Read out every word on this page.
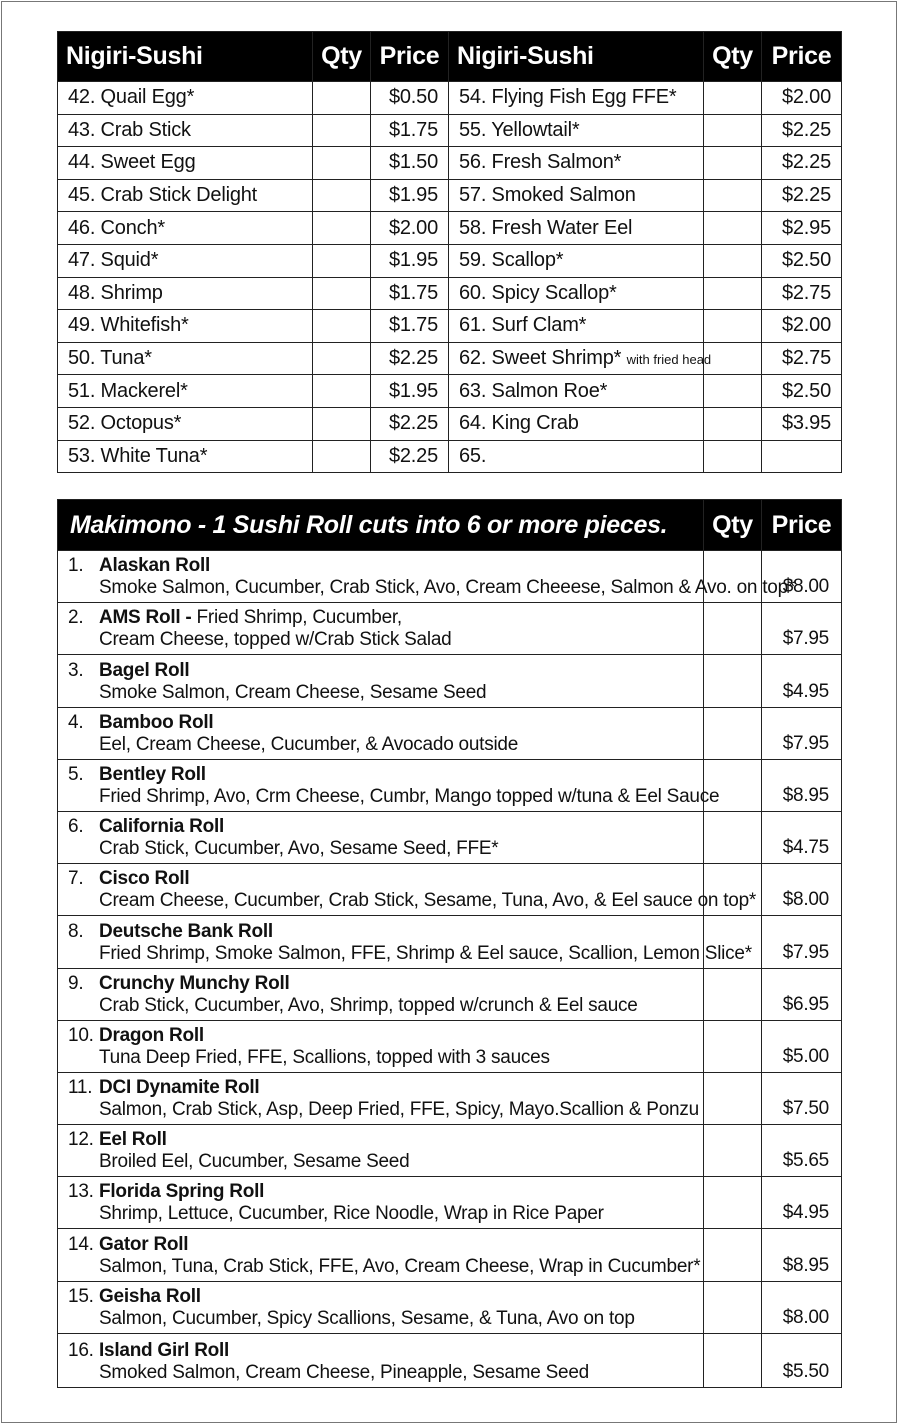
Nigiri-Sushi	Qty	Price	Nigiri-Sushi	Qty	Price
42. Quail Egg*		$0.50	54. Flying Fish Egg FFE*		$2.00
43. Crab Stick		$1.75	55. Yellowtail*		$2.25
44. Sweet Egg		$1.50	56. Fresh Salmon*		$2.25
45. Crab Stick Delight		$1.95	57. Smoked Salmon		$2.25
46. Conch*		$2.00	58. Fresh Water Eel		$2.95
47. Squid*		$1.95	59. Scallop*		$2.50
48. Shrimp		$1.75	60. Spicy Scallop*		$2.75
49. Whitefish*		$1.75	61. Surf Clam*		$2.00
50. Tuna*		$2.25	62. Sweet Shrimp* with fried head		$2.75
51. Mackerel*		$1.95	63. Salmon Roe*		$2.50
52. Octopus*		$2.25	64. King Crab		$3.95
53. White Tuna*		$2.25	65.		
Makimono - 1 Sushi Roll cuts into 6 or more pieces.	Qty	Price

1. Alaskan Roll
Smoke Salmon, Cucumber, Crab Stick, Avo, Cream Cheeese, Salmon & Avo. on top*		$8.00

2. AMS Roll - Fried Shrimp, Cucumber,
Cream Cheese, topped w/Crab Stick Salad		$7.95

3. Bagel Roll
Smoke Salmon, Cream Cheese, Sesame Seed		$4.95

4. Bamboo Roll
Eel, Cream Cheese, Cucumber, & Avocado outside		$7.95

5. Bentley Roll
Fried Shrimp, Avo, Crm Cheese, Cumbr, Mango topped w/tuna & Eel Sauce		$8.95

6. California Roll
Crab Stick, Cucumber, Avo, Sesame Seed, FFE*		$4.75

7. Cisco Roll
Cream Cheese, Cucumber, Crab Stick, Sesame, Tuna, Avo, & Eel sauce on top*		$8.00

8. Deutsche Bank Roll
Fried Shrimp, Smoke Salmon, FFE, Shrimp & Eel sauce, Scallion, Lemon Slice*		$7.95

9. Crunchy Munchy Roll
Crab Stick, Cucumber, Avo, Shrimp, topped w/crunch & Eel sauce		$6.95

10. Dragon Roll
Tuna Deep Fried, FFE, Scallions, topped with 3 sauces		$5.00

11. DCI Dynamite Roll
Salmon, Crab Stick, Asp, Deep Fried, FFE, Spicy, Mayo.Scallion & Ponzu		$7.50

12. Eel Roll
Broiled Eel, Cucumber, Sesame Seed		$5.65

13. Florida Spring Roll
Shrimp, Lettuce, Cucumber, Rice Noodle, Wrap in Rice Paper		$4.95

14. Gator Roll
Salmon, Tuna, Crab Stick, FFE, Avo, Cream Cheese, Wrap in Cucumber*		$8.95

15. Geisha Roll
Salmon, Cucumber, Spicy Scallions, Sesame, & Tuna, Avo on top		$8.00

16. Island Girl Roll
Smoked Salmon, Cream Cheese, Pineapple, Sesame Seed		$5.50
